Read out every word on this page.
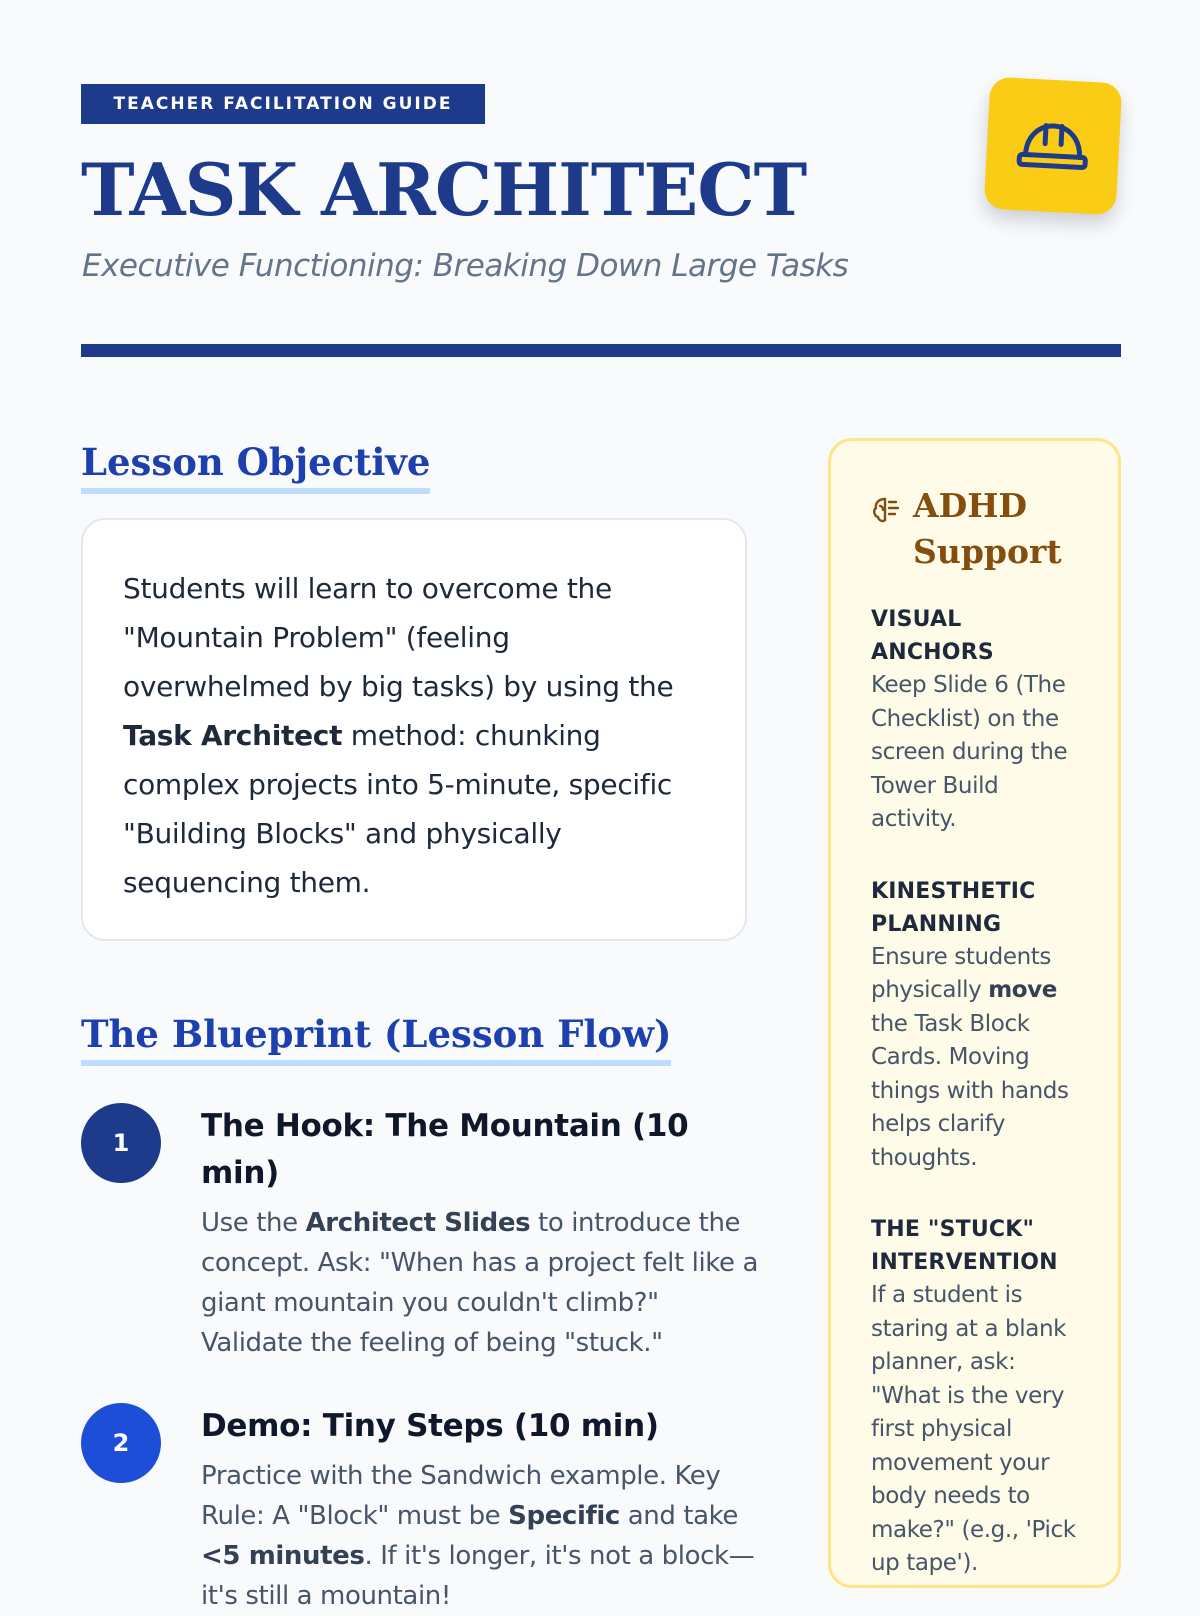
TEACHER FACILITATION GUIDE
TASK ARCHITECT

Executive Functioning: Breaking Down Large Tasks

Lesson Objective

Students will learn to overcome the "Mountain Problem" (feeling overwhelmed by big tasks) by using the Task Architect method: chunking complex projects into 5-minute, specific "Building Blocks" and physically sequencing them.

The Blueprint (Lesson Flow)
1	The Hook: The Mountain (10 min)

Use the Architect Slides to introduce the concept. Ask: "When has a project felt like a giant mountain you couldn't climb?" Validate the feeling of being "stuck."

2	Demo: Tiny Steps (10 min)

Practice with the Sandwich example. Key Rule: A "Block" must be Specific and take <5 minutes. If it's longer, it's not a block—it's still a mountain!

ADHD Support

VISUAL ANCHORS

Keep Slide 6 (The Checklist) on the screen during the Tower Build activity.

KINESTHETIC PLANNING

Ensure students physically move the Task Block Cards. Moving things with hands helps clarify thoughts.

THE "STUCK" INTERVENTION

If a student is staring at a blank planner, ask: "What is the very first physical movement your body needs to make?" (e.g., 'Pick up tape').
